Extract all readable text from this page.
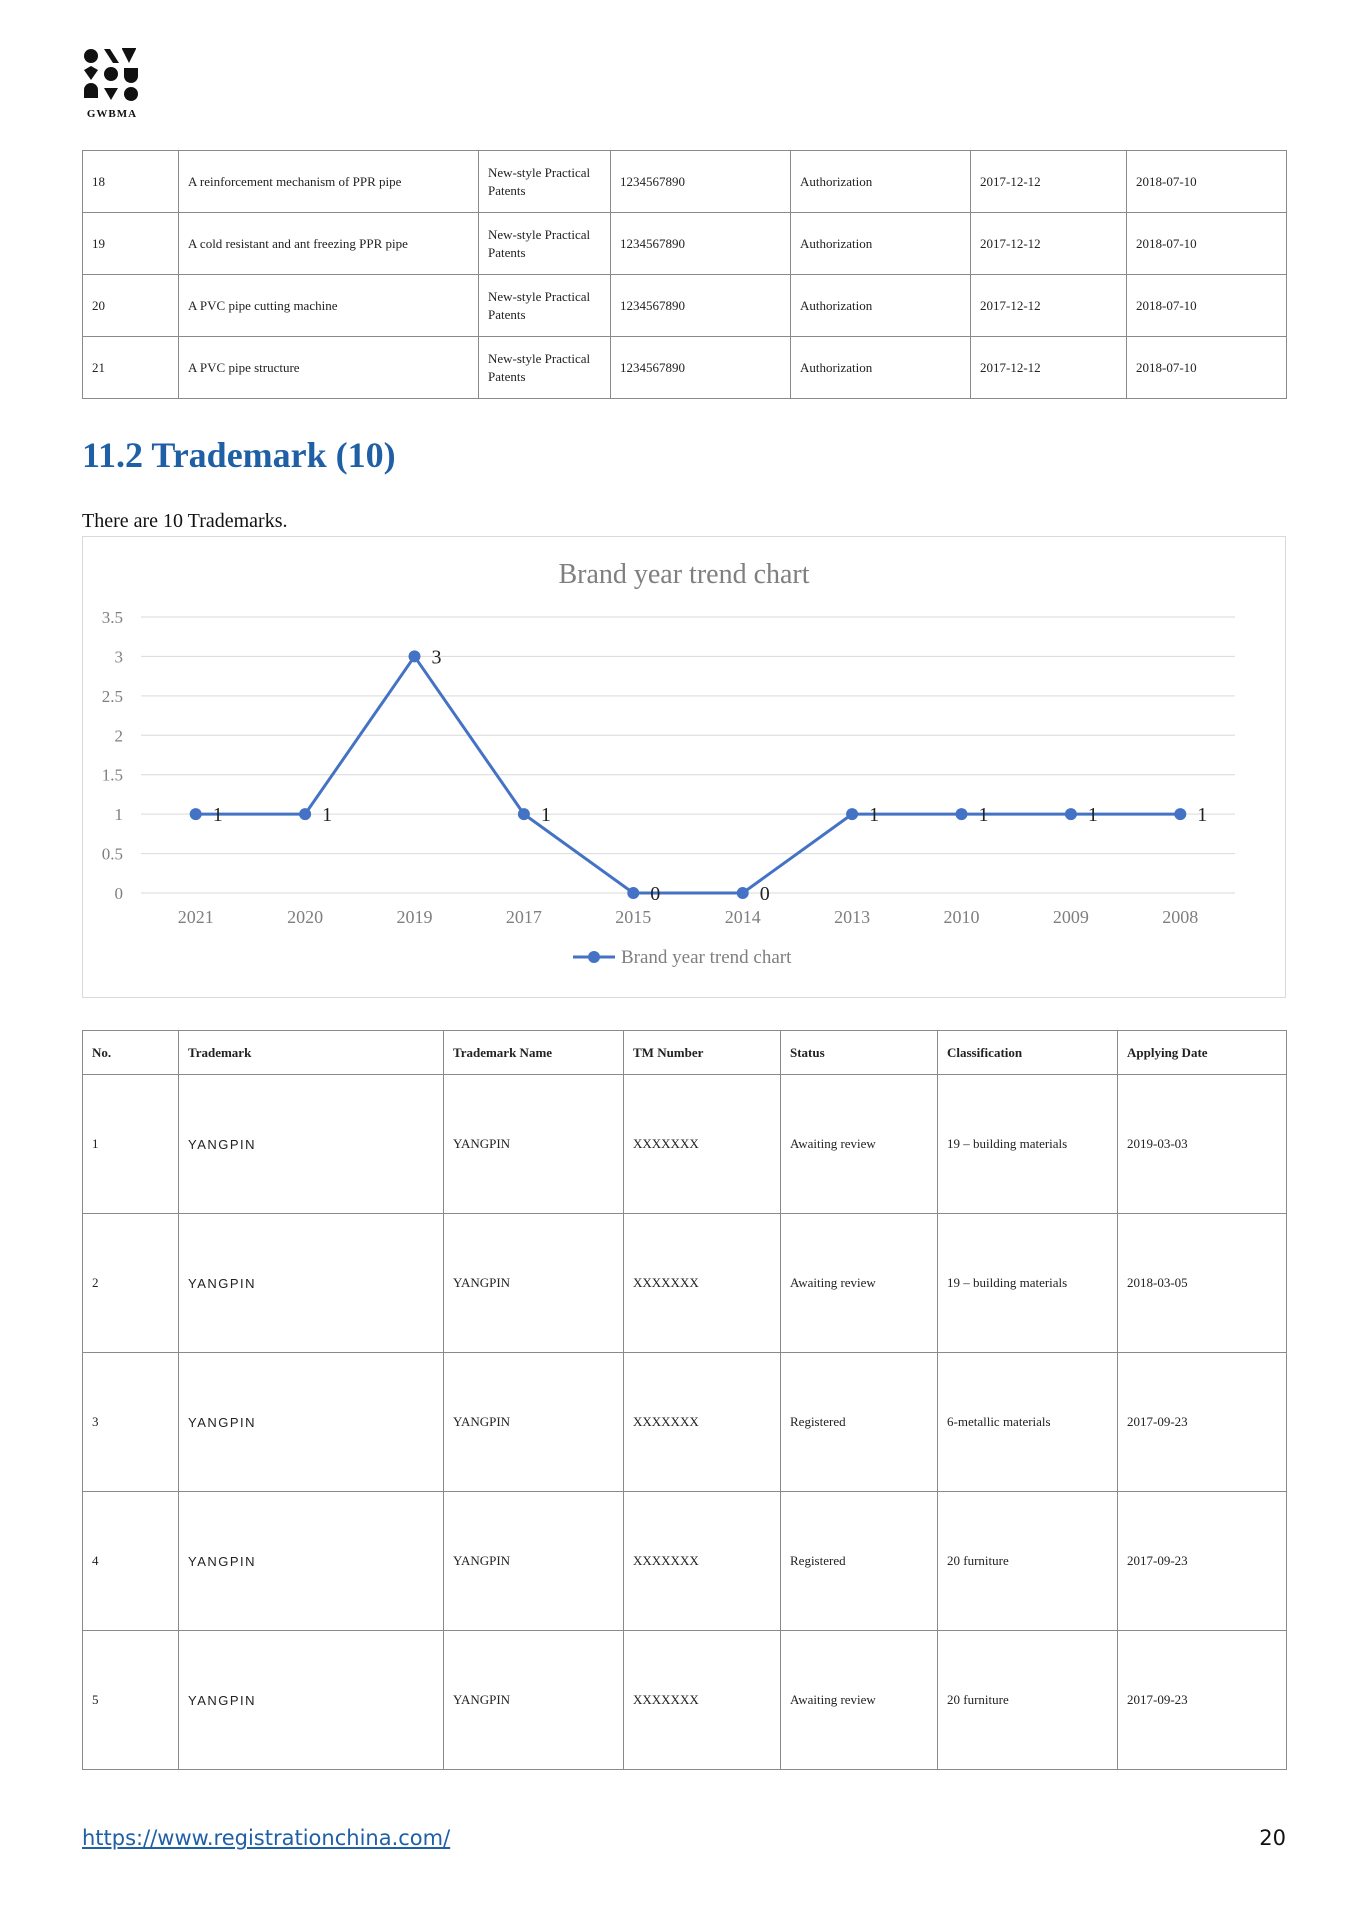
GWBMA
18	A reinforcement mechanism of PPR pipe	New-style Practical Patents	1234567890	Authorization	2017-12-12	2018-07-10
19	A cold resistant and ant freezing PPR pipe	New-style Practical Patents	1234567890	Authorization	2017-12-12	2018-07-10
20	A PVC pipe cutting machine	New-style Practical Patents	1234567890	Authorization	2017-12-12	2018-07-10
21	A PVC pipe structure	New-style Practical Patents	1234567890	Authorization	2017-12-12	2018-07-10
11.2 Trademark (10)
There are 10 Trademarks.
Brand year trend chart
0
0.5
1
1.5
2
2.5
3
3.5
2021	2020	2019	2017	2015	2014	2013	2010	2009	2008
1	1
3
1
0	0
1	1	1	1
Brand year trend chart
No.	Trademark	Trademark Name	TM Number	Status	Classification	Applying Date
1	YANGPIN	YANGPIN	XXXXXXX	Awaiting review	19 – building materials	2019-03-03
2	YANGPIN	YANGPIN	XXXXXXX	Awaiting review	19 – building materials	2018-03-05
3	YANGPIN	YANGPIN	XXXXXXX	Registered	6-metallic materials	2017-09-23
4	YANGPIN	YANGPIN	XXXXXXX	Registered	20 furniture	2017-09-23
5	YANGPIN	YANGPIN	XXXXXXX	Awaiting review	20 furniture	2017-09-23
https://www.registrationchina.com/	20
